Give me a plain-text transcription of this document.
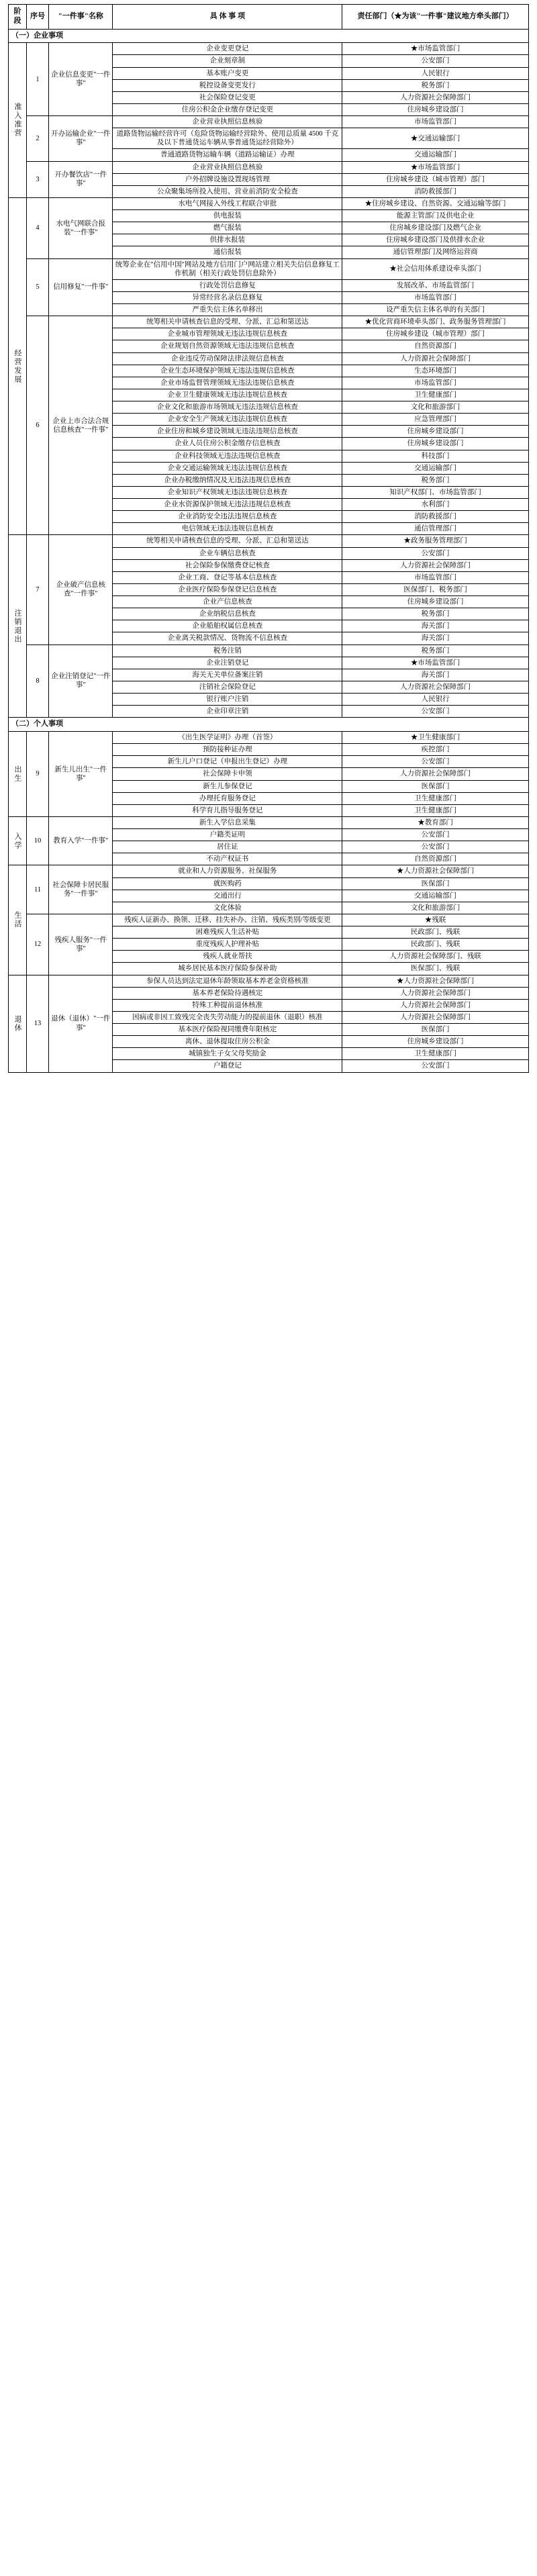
阶段	序号	"一件事"名称	具 体 事 项	责任部门（★为该"一件事"建议地方牵头部门）
（一）企业事项				

准入准营	1	企业信息变更"一件事"	企业变更登记	★市场监管部门
			企业刻章制	公安部门
			基本账户变更	人民银行
			税控设备变更发行	税务部门
			社会保险登记变更	人力资源社会保障部门
			住房公积金企业缴存登记变更	住房城乡建设部门
	2	开办运输企业"一件事"	企业营业执照信息核验	市场监管部门
			道路货物运输经营许可（危险货物运输经营除外、使用总质量 4500 千克及以下普通货运车辆从事普通货运经营除外）	★交通运输部门
			普通道路货物运输车辆（道路运输证）办理	交通运输部门
	3	开办餐饮店"一件事"	企业营业执照信息核验	★市场监管部门
			户外招牌设施设置现场管理	住房城乡建设（城市管理）部门
			公众聚集场所投入使用、营业前消防安全检查	消防救援部门

经营发展	4	水电气网联合报装"一件事"	水电气网接入外线工程联合审批	★住房城乡建设、自然资源、交通运输等部门
			供电报装	能源主管部门及供电企业
			燃气报装	住房城乡建设部门及燃气企业
			供排水报装	住房城乡建设部门及供排水企业
			通信报装	通信管理部门及网络运营商
	5	信用修复"一件事"	统筹企业在"信用中国"网站及地方信用门户网站建立相关失信信息修复工作机制（相关行政处罚信息除外）	★社会信用体系建设牵头部门
			行政处罚信息修复	发展改革、市场监管部门
			异常经营名录信息修复	市场监管部门
			严重失信主体名单移出	设严重失信主体名单的有关部门
	6	企业上市合法合规信息核查"一件事"	统筹相关申请核查信息的受理、分派、汇总和第送达	★优化营商环境牵头部门、政务服务管理部门
			企业城市管理领域无违法违规信息核查	住房城乡建设（城市管理）部门
			企业规划自然资源领域无违法违规信息核查	自然资源部门
			企业违反劳动保障法律法规信息核查	人力资源社会保障部门
			企业生态环境保护领域无违法违规信息核查	生态环境部门
			企业市场监督管理领域无违法违规信息核查	市场监管部门
			企业卫生健康领域无违法违规信息核查	卫生健康部门
			企业文化和旅游市场领域无违法违规信息核查	文化和旅游部门
			企业安全生产领域无违法违规信息核查	应急管理部门
			企业住房和城乡建设领域无违法违规信息核查	住房城乡建设部门
			企业人员住房公积金缴存信息核查	住房城乡建设部门
			企业科技领域无违法违规信息核查	科技部门
			企业交通运输领域无违法违规信息核查	交通运输部门
			企业办税缴纳情况及无违法违规信息核查	税务部门
			企业知识产权领域无违法违规信息核查	知识产权部门、市场监管部门
			企业水资源保护领域无违法违规信息核查	水利部门
			企业消防安全违法违规信息核查	消防救援部门
			电信领域无违法违规信息核查	通信管理部门

注销退出	7	企业破产信息核查"一件事"	统筹相关申请核查信息的受理、分派、汇总和第送达	★政务服务管理部门
			企业车辆信息核查	公安部门
			社会保险参保缴费登记核查	人力资源社会保障部门
			企业工商、登记等基本信息核查	市场监管部门
			企业医疗保险参保登记信息核查	医保部门、税务部门
			企业产信息核查	住房城乡建设部门
			企业纳税信息核查	税务部门
			企业船舶权属信息核查	海关部门
			企业离关税款情况、货物流不信息核查	海关部门
	8	企业注销登记"一件事"	税务注销	税务部门
			企业注销登记	★市场监管部门
			海关无关单位备案注销	海关部门
			注销社会保险登记	人力资源社会保障部门
			银行账户注销	人民银行
			企业印章注销	公安部门
（二）个人事项				

出生	9	新生儿出生"一件事"	《出生医学证明》办理（首签）	★卫生健康部门
			预防接种证办理	疾控部门
			新生儿户口登记（申报出生登记）办理	公安部门
			社会保障卡申领	人力资源社会保障部门
			新生儿参保登记	医保部门
			办理托育服务登记	卫生健康部门
			科学育儿指导服务登记	卫生健康部门

入学	10	教育入学"一件事"	新生入学信息采集	★教育部门
			户籍类证明	公安部门
			居住证	公安部门
			不动产权证书	自然资源部门

生活	11	社会保障卡居民服务"一件事"	就业和人力资源服务、社保服务	★人力资源社会保障部门
			就医购药	医保部门
			交通出行	交通运输部门
			文化体验	文化和旅游部门
	12	残疾人服务"一件事"	残疾人证新办、换领、迁移、挂失补办、注销、残疾类别/等级变更	★残联
			困难残疾人生活补贴	民政部门、残联
			重度残疾人护理补贴	民政部门、残联
			残疾人就业帮扶	人力资源社会保障部门、残联
			城乡居民基本医疗保险参保补助	医保部门、残联

退休	13	退休（退休）"一件事"	参保人员达到法定退休年龄领取基本养老金资格核准	★人力资源社会保障部门
			基本养老保险待遇核定	人力资源社会保障部门
			特殊工种提前退休核准	人力资源社会保障部门
			因病或非因工致残完全丧失劳动能力的提前退休（退职）核准	人力资源社会保障部门
			基本医疗保险视同缴费年限核定	医保部门
			离休、退休提取住房公积金	住房城乡建设部门
			城镇独生子女父母奖励金	卫生健康部门
			户籍登记	公安部门
